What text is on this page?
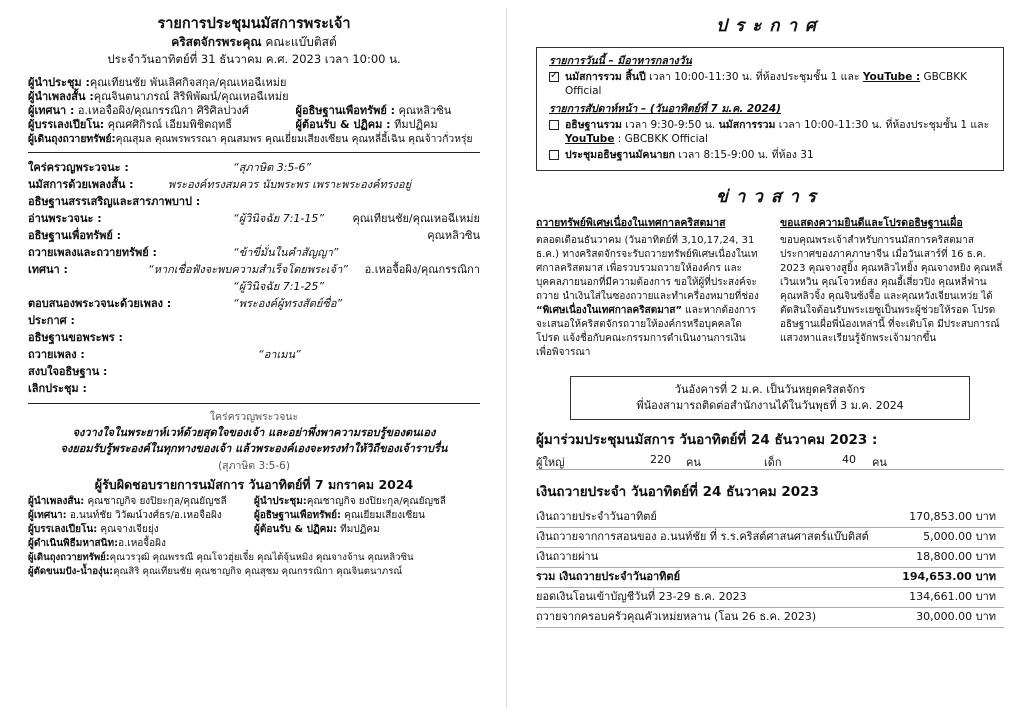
รายการประชุมนมัสการพระเจ้า
คริสตจักรพระคุณ คณะแบ๊บติสต์
ประจำวันอาทิตย์ที่ 31 ธันวาคม ค.ศ. 2023 เวลา 10:00 น.
ผู้นำประชุม : คุณเทียนชัย พันเลิศกิจสกุล/คุณเหอฉีเหม่ย
ผู้นำเพลงสั้น : คุณจินตนาภรณ์ สิริพิพัฒน์/คุณเหอฉีเหม่ย
ผู้เทศนา : อ.เหอจื้อผิง/คุณกรรณิกา ศิริศิลปวงศ์	ผู้อธิษฐานเพื่อทรัพย์ : คุณหลิวซิน
ผู้บรรเลงเปียโน: คุณศศิกิรณ์ เอี่ยมพิชิตฤทธิ์	ผู้ต้อนรับ & ปฏิคม : ทีมปฏิคม
ผู้เดินถุงถวายทรัพย์: คุณสุมล คุณพรพรรณา คุณสมพร คุณเยี่ยมเสียงเซียน คุณหลี่อี้เฉิน คุณจ้าวกั่วหรุ่ย
ใคร่ครวญพระวจนะ :	“สุภาษิต 3:5-6”
นมัสการด้วยเพลงสั้น :	พระองค์ทรงสมควร นับพระพร เพราะพระองค์ทรงอยู่
อธิษฐานสรรเสริญและสารภาพบาป :
อ่านพระวจนะ :	“ผู้วินิจฉัย 7:1-15”	คุณเทียนชัย/คุณเหอฉีเหม่ย
อธิษฐานเพื่อทรัพย์ :	คุณหลิวซิน
ถวายเพลงและถวายทรัพย์ :	“ข้าขี่มั่นในคำสัญญา”
เทศนา :	“หากเชื่อฟังจะพบความสำเร็จโดยพระเจ้า” อ.เหอจื้อผิง/คุณกรรณิกา
“ผู้วินิจฉัย 7:1-25”
ตอบสนองพระวจนะด้วยเพลง :	“พระองค์ผู้ทรงสัตย์ซื่อ”
ประกาศ :
อธิษฐานขอพระพร :
ถวายเพลง :	“อาเมน”
สงบใจอธิษฐาน :
เลิกประชุม :
ใคร่ครวญพระวจนะ
จงวางใจในพระยาห์เวห์ด้วยสุดใจของเจ้า และอย่าพึ่งพาความรอบรู้ของตนเอง
จงยอมรับรู้พระองค์ในทุกทางของเจ้า แล้วพระองค์เองจะทรงทำให้วิถีของเจ้าราบรื่น
(สุภาษิต 3:5-6)
ผู้รับผิดชอบรายการนมัสการ วันอาทิตย์ที่ 7 มกราคม 2024
ผู้นำเพลงสั้น: คุณชาญกิจ ยงปิยะกุล/คุณยัญชลี	ผู้นำประชุม:คุณชาญกิจ ยงปิยะกุล/คุณยัญชลี
ผู้เทศนา: อ.นนท์ชัย วิวัฒน์วงศ์ธร/อ.เหอจื้อผิง	ผู้อธิษฐานเพื่อทรัพย์: คุณเยี่ยมเสียงเซียน
ผู้บรรเลงเปียโน: คุณจางเจียยุ่ง	ผู้ต้อนรับ & ปฏิคม: ทีมปฏิคม
ผู้ดำเนินพิธีมหาสนิท: อ.เหอจื้อผิง
ผู้เดินถุงถวายทรัพย์: คุณวรวุฒิ คุณพรรณี คุณโจวฮุ่ยเจี๋ย คุณไต้จุ้นหมิง คุณจางจ้าน คุณหลิวซิน
ผู้ตัดขนมปัง-น้ำองุ่น: คุณสิริ คุณเทียนชัย คุณชาญกิจ คุณสุชม คุณกรรณิกา คุณจินตนาภรณ์
ประกาศ
รายการวันนี้ – มีอาหารกลางวัน
✓
นมัสการรวม สิ้นปี เวลา 10:00-11:30 น. ที่ห้องประชุมชั้น 1 และ YouTube : GBCBKK Official
รายการสัปดาห์หน้า – (วันอาทิตย์ที่ 7 ม.ค. 2024)
อธิษฐานรวม เวลา 9:30-9:50 น. นมัสการรวม เวลา 10:00-11:30 น. ที่ห้องประชุมชั้น 1 และ YouTube : GBCBKK Official
ประชุมอธิษฐานมัคนายก เวลา 8:15-9:00 น. ที่ห้อง 31
ข่าวสาร
ถวายทรัพย์พิเศษเนื่องในเทศกาลคริสตมาส
ตลอดเดือนธันวาคม (วันอาทิตย์ที่ 3,10,17,24, 31 ธ.ค.) ทางคริสตจักรจะรับถวายทรัพย์พิเศษเนื่องในเทศกาลคริสตมาส เพื่อรวบรวมถวายให้องค์กร และบุคคลภายนอกที่มีความต้องการ ขอให้ผู้ที่ประสงค์จะถวาย นำเงินใส่ในซองถวายและทำเครื่องหมายที่ช่อง “พิเศษเนื่องในเทศกาลคริสตมาส” และหากต้องการจะเสนอให้คริสตจักรถวายให้องค์กรหรือบุคคลใด โปรด แจ้งชื่อกับคณะกรรมการดำเนินงานการเงิน เพื่อพิจารณา
ขอแสดงความยินดีและโปรดอธิษฐานเผื่อ
ขอบคุณพระเจ้าสำหรับการนมัสการคริสตมาส ประกาศของภาคภาษาจีน เมื่อวันเสาร์ที่ 16 ธ.ค. 2023 คุณจางสูยิ้ง คุณหลิวไหยิ้ง คุณจางหยิง คุณหลี่เวินเหวิน คุณโจวหย์สง คุณอี้เสี่ยวปิง คุณหลี่ฟ่าน คุณหลิวจิ้ง คุณจินซ้งจื้อ และคุณหวังเจียนเหว่ย ได้ตัดสินใจต้อนรับพระเยซูเป็นพระผู้ช่วยให้รอด โปรดอธิษฐานเผื่อพี่น้องเหล่านี้ ที่จะเติบโต มีประสบการณ์ แสวงหาและเรียนรู้จักพระเจ้ามากขึ้น
วันอังคารที่ 2 ม.ค. เป็นวันหยุดคริสตจักร
พี่น้องสามารถติดต่อสำนักงานได้ในวันพุธที่ 3 ม.ค. 2024
ผู้มาร่วมประชุมนมัสการ วันอาทิตย์ที่ 24 ธันวาคม 2023 :
ผู้ใหญ่	220 คน	เด็ก	40 คน
เงินถวายประจำ วันอาทิตย์ที่ 24 ธันวาคม 2023
เงินถวายประจำวันอาทิตย์	170,853.00 บาท
เงินถวายจากการสอนของ อ.นนท์ชัย ที่ ร.ร.คริสต์ศาสนศาสตร์แบ๊บติสต์	5,000.00 บาท
เงินถวายผ่าน	18,800.00 บาท
รวม เงินถวายประจำวันอาทิตย์	194,653.00 บาท
ยอดเงินโอนเข้าบัญชีวันที่ 23-29 ธ.ค. 2023	134,661.00 บาท
ถวายจากครอบครัวคุณคัวเหม่ยหลาน (โอน 26 ธ.ค. 2023)	30,000.00 บาท
